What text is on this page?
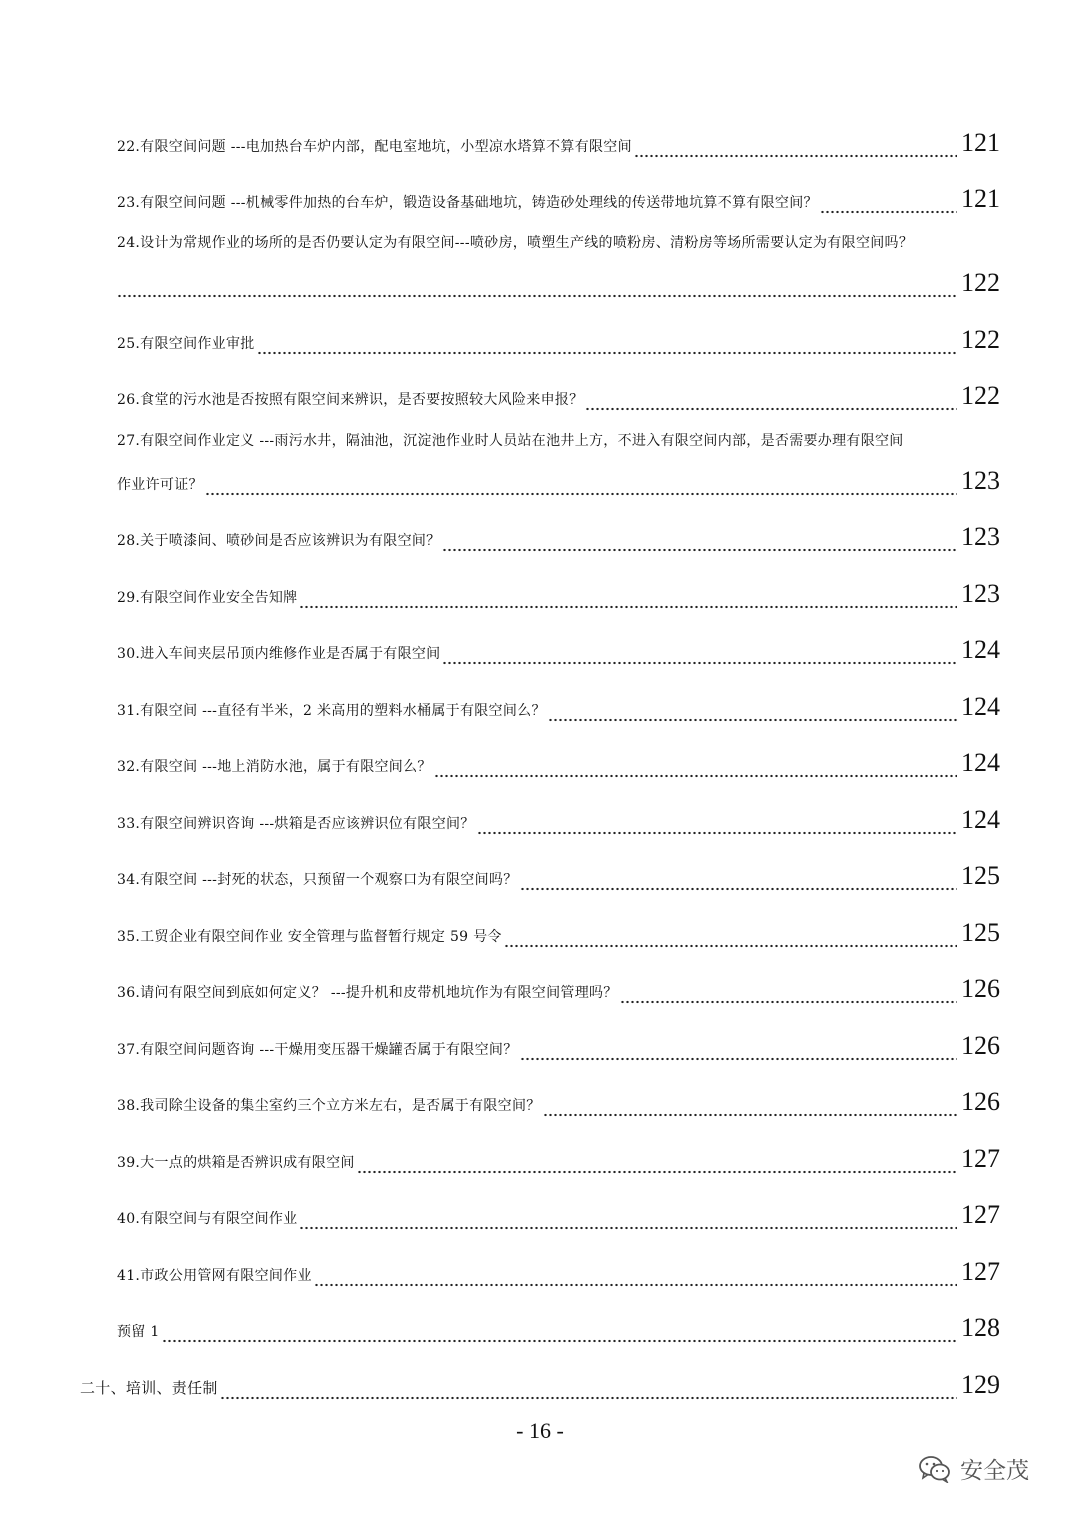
22.有限空间问题 ---电加热台车炉内部，配电室地坑，小型凉水塔算不算有限空间	121
23.有限空间问题 ---机械零件加热的台车炉，锻造设备基础地坑，铸造砂处理线的传送带地坑算不算有限空间？	121
24.设计为常规作业的场所的是否仍要认定为有限空间---喷砂房，喷塑生产线的喷粉房、清粉房等场所需要认定为有限空间吗？
122
25.有限空间作业审批	122
26.食堂的污水池是否按照有限空间来辨识，是否要按照较大风险来申报？	122
27.有限空间作业定义 ---雨污水井，隔油池，沉淀池作业时人员站在池井上方，不进入有限空间内部，是否需要办理有限空间
作业许可证？	123
28.关于喷漆间、喷砂间是否应该辨识为有限空间？	123
29.有限空间作业安全告知牌	123
30.进入车间夹层吊顶内维修作业是否属于有限空间	124
31.有限空间 ---直径有半米，2 米高用的塑料水桶属于有限空间么？	124
32.有限空间 ---地上消防水池，属于有限空间么？	124
33.有限空间辨识咨询 ---烘箱是否应该辨识位有限空间？	124
34.有限空间 ---封死的状态，只预留一个观察口为有限空间吗？	125
35.工贸企业有限空间作业 安全管理与监督暂行规定 59 号令	125
36.请问有限空间到底如何定义？ ---提升机和皮带机地坑作为有限空间管理吗？	126
37.有限空间问题咨询 ---干燥用变压器干燥罐否属于有限空间？	126
38.我司除尘设备的集尘室约三个立方米左右，是否属于有限空间？	126
39.大一点的烘箱是否辨识成有限空间	127
40.有限空间与有限空间作业	127
41.市政公用管网有限空间作业	127
预留 1	128
二十、培训、责任制	129
- 16 -
安全茂
